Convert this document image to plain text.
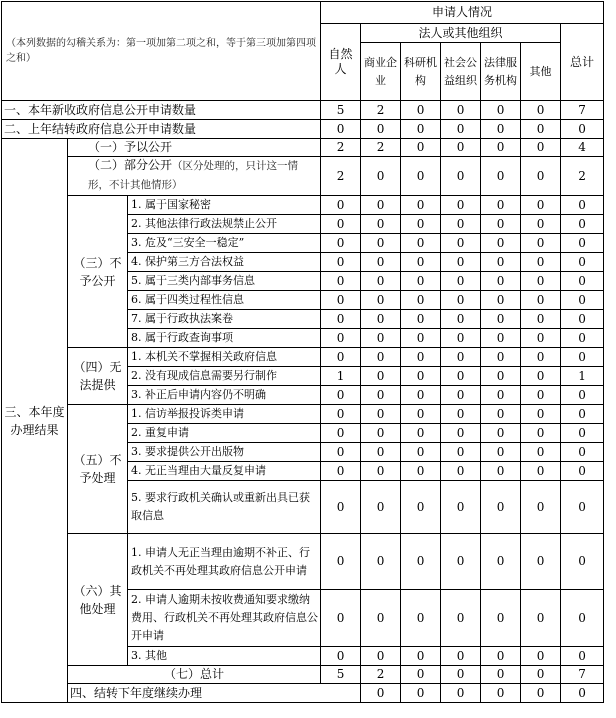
（本列数据的勾稽关系为：第一项加第二项之和，等于第三项加第四项之和）			申请人情况							
			自然人	法人或其他组织					总计	
				商业企业	科研机构	社会公益组织	法律服务机构	其他		
一、本年新收政府信息公开申请数量			5	2	0	0	0	0	7	
二、上年结转政府信息公开申请数量			0	0	0	0	0	0	0	
三、本年度办理结果	（一）予以公开		2	2	0	0	0	0	4	
	（二）部分公开（区分处理的，只计这一情形，不计其他情形）		2	0	0	0	0	0	2	
	（三）不予公开	1. 属于国家秘密	0	0	0	0	0	0	0	
		2. 其他法律行政法规禁止公开	0	0	0	0	0	0	0	
		3. 危及“三安全一稳定”	0	0	0	0	0	0	0	
		4. 保护第三方合法权益	0	0	0	0	0	0	0	
		5. 属于三类内部事务信息	0	0	0	0	0	0	0	
		6. 属于四类过程性信息	0	0	0	0	0	0	0	
		7. 属于行政执法案卷	0	0	0	0	0	0	0	
		8. 属于行政查询事项	0	0	0	0	0	0	0	
	（四）无法提供	1. 本机关不掌握相关政府信息	0	0	0	0	0	0	0	
		2. 没有现成信息需要另行制作	1	0	0	0	0	0	1	
		3. 补正后申请内容仍不明确	0	0	0	0	0	0	0	
	（五）不予处理	1. 信访举报投诉类申请	0	0	0	0	0	0	0	
		2. 重复申请	0	0	0	0	0	0	0	
		3. 要求提供公开出版物	0	0	0	0	0	0	0	
		4. 无正当理由大量反复申请	0	0	0	0	0	0	0	
		5. 要求行政机关确认或重新出具已获取信息	0	0	0	0	0	0	0	
	（六）其他处理	1. 申请人无正当理由逾期不补正、行政机关不再处理其政府信息公开申请	0	0	0	0	0	0	0	
		2. 申请人逾期未按收费通知要求缴纳费用、行政机关不再处理其政府信息公开申请	0	0	0	0	0	0	0	
		3. 其他	0	0	0	0	0	0	0	
	（七）总计		5	2	0	0	0	0	7	
	四、结转下年度继续办理			0	0	0	0	0	0	
